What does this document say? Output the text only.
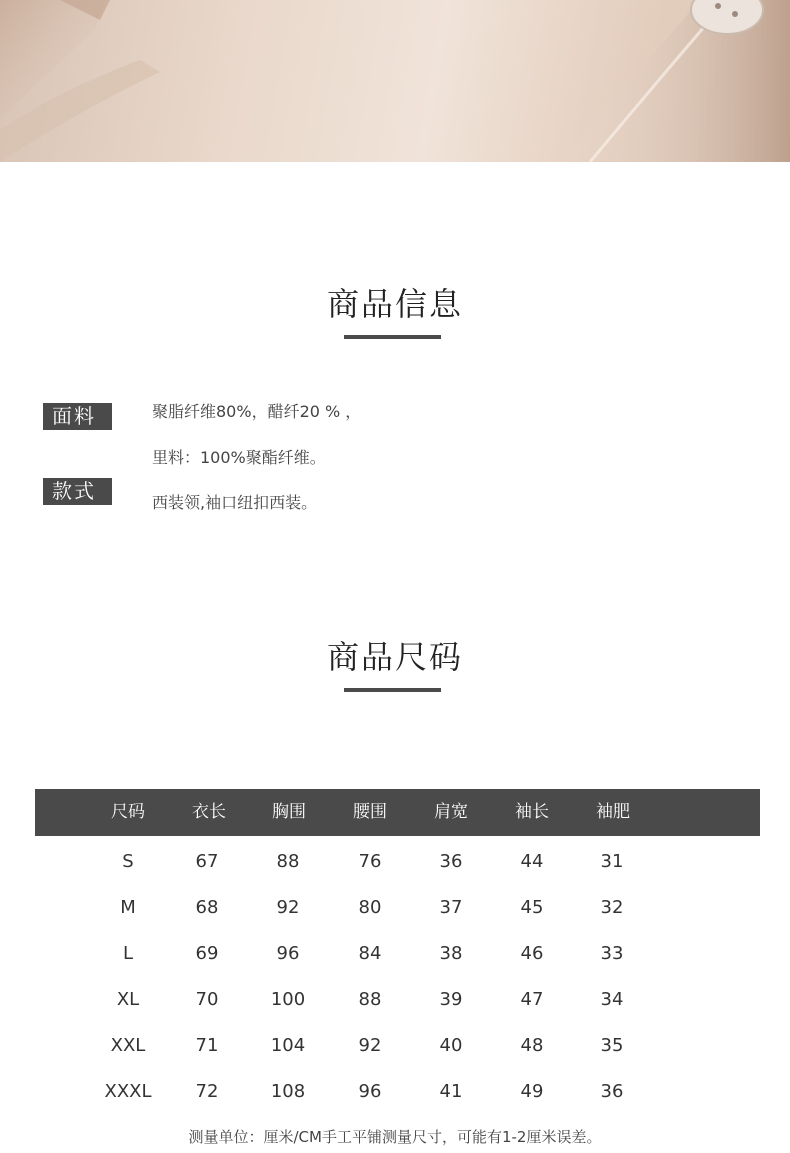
商品信息
面料	聚脂纤维80%，醋纤20 % ，
里料：100%聚酯纤维。
款式	西装领,袖口纽扣西装。
商品尺码
尺码	衣长	胸围	腰围	肩宽	袖长	袖肥
S	67	88	76	36	44	31
M	68	92	80	37	45	32
L	69	96	84	38	46	33
XL	70	100	88	39	47	34
XXL	71	104	92	40	48	35
XXXL	72	108	96	41	49	36
测量单位：厘米/CM手工平铺测量尺寸，可能有1-2厘米误差。
